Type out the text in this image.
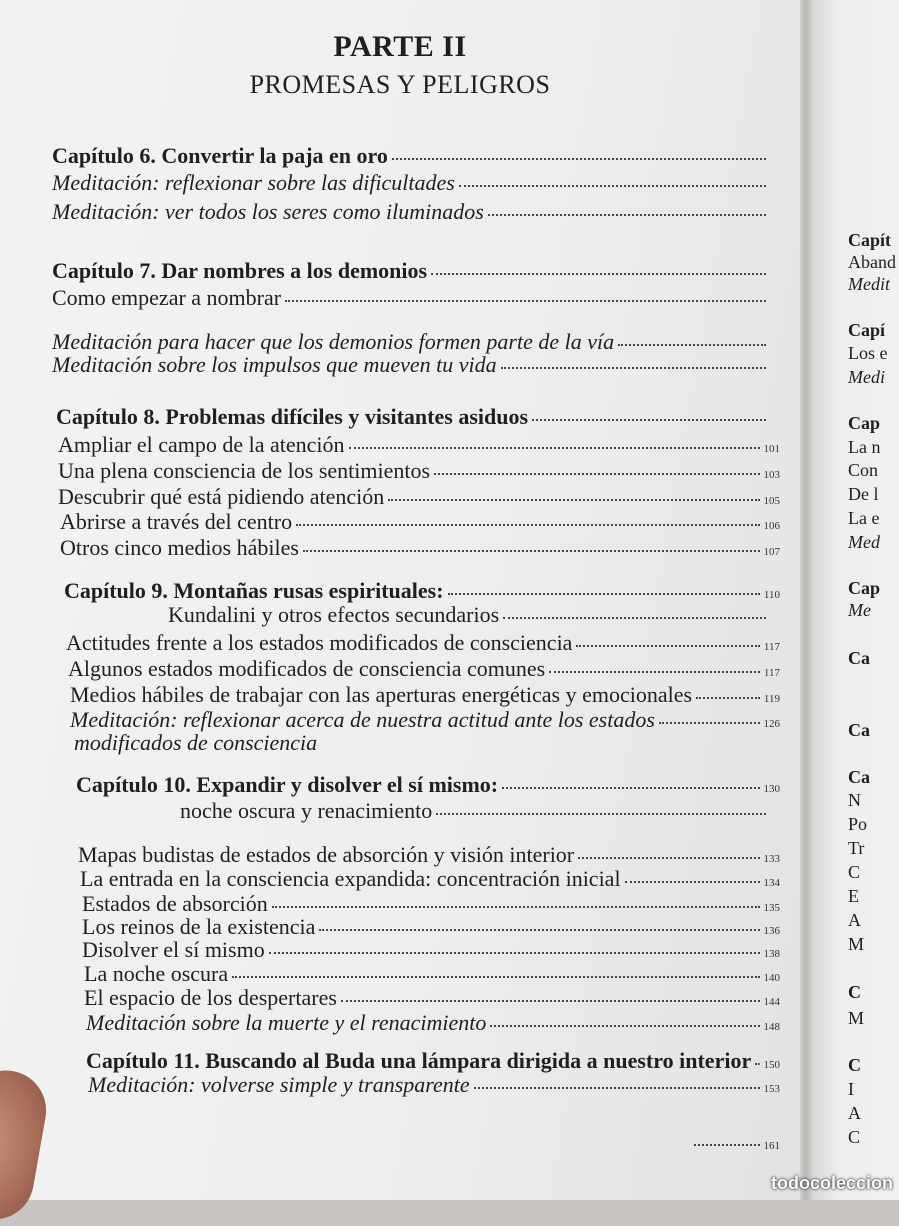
PARTE II
PROMESAS Y PELIGROS
Capítulo 6. Convertir la paja en oro
Meditación: reflexionar sobre las dificultades
Meditación: ver todos los seres como iluminados
Capítulo 7. Dar nombres a los demonios
Como empezar a nombrar
Meditación para hacer que los demonios formen parte de la vía
Meditación sobre los impulsos que mueven tu vida
Capítulo 8. Problemas difíciles y visitantes asiduos
Ampliar el campo de la atención	101
Una plena consciencia de los sentimientos	103
Descubrir qué está pidiendo atención	105
Abrirse a través del centro	106
Otros cinco medios hábiles	107
Capítulo 9. Montañas rusas espirituales:	110
Kundalini y otros efectos secundarios
Actitudes frente a los estados modificados de consciencia	117
Algunos estados modificados de consciencia comunes	117
Medios hábiles de trabajar con las aperturas energéticas y emocionales	119
Meditación: reflexionar acerca de nuestra actitud ante los estados	126
modificados de consciencia
Capítulo 10. Expandir y disolver el sí mismo:	130
noche oscura y renacimiento
Mapas budistas de estados de absorción y visión interior	133
La entrada en la consciencia expandida: concentración inicial	134
Estados de absorción	135
Los reinos de la existencia	136
Disolver el sí mismo	138
La noche oscura	140
El espacio de los despertares	144
Meditación sobre la muerte y el renacimiento	148
Capítulo 11. Buscando al Buda una lámpara dirigida a nuestro interior 150
Meditación: volverse simple y transparente	153
161
Capít
Aband
Medit
Capí
Los e
Medi
Cap
La n
Con
De l
La e
Med
Cap
Me
Ca
Ca
Ca
N
Po
Tr
C
E
A
M
C
M
C
I
A
C
todocoleccion
